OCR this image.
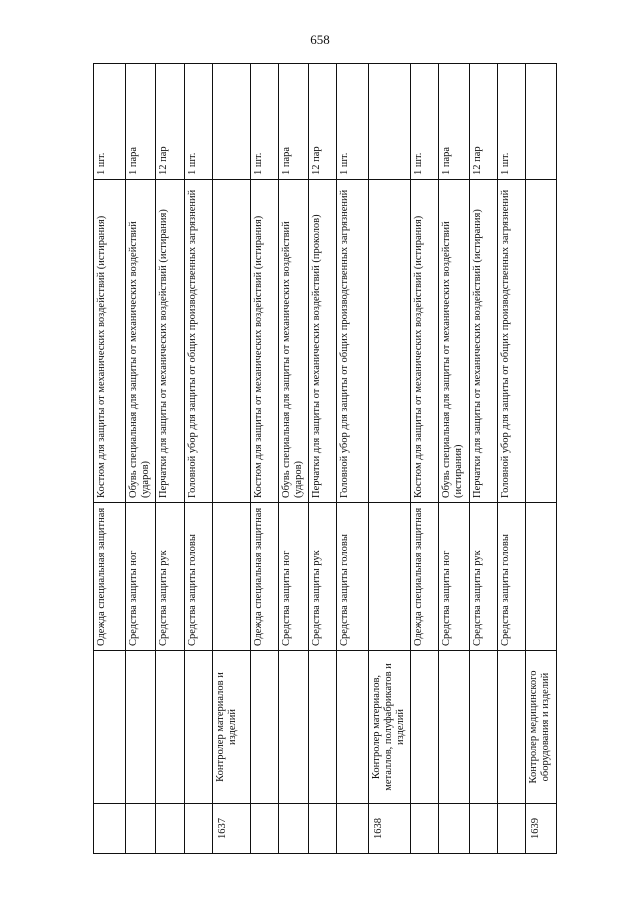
658
		Одежда специальная защитная	Костюм для защиты от механических воздействий (истирания)	1 шт.
		Средства защиты ног	Обувь специальная для защиты от механических воздействий (ударов)	1 пара
		Средства защиты рук	Перчатки для защиты от механических воздействий (истирания)	12 пар
		Средства защиты головы	Головной убор для защиты от общих производственных загрязнений	1 шт.
1637	Контролер материалов и изделий			
		Одежда специальная защитная	Костюм для защиты от механических воздействий (истирания)	1 шт.
		Средства защиты ног	Обувь специальная для защиты от механических воздействий (ударов)	1 пара
		Средства защиты рук	Перчатки для защиты от механических воздействий (проколов)	12 пар
		Средства защиты головы	Головной убор для защиты от общих производственных загрязнений	1 шт.
1638	Контролер материалов, металлов, полуфабрикатов и изделий			
		Одежда специальная защитная	Костюм для защиты от механических воздействий (истирания)	1 шт.
		Средства защиты ног	Обувь специальная для защиты от механических воздействий (истирания)	1 пара
		Средства защиты рук	Перчатки для защиты от механических воздействий (истирания)	12 пар
		Средства защиты головы	Головной убор для защиты от общих производственных загрязнений	1 шт.
1639	Контролер медицинского оборудования и изделий			
